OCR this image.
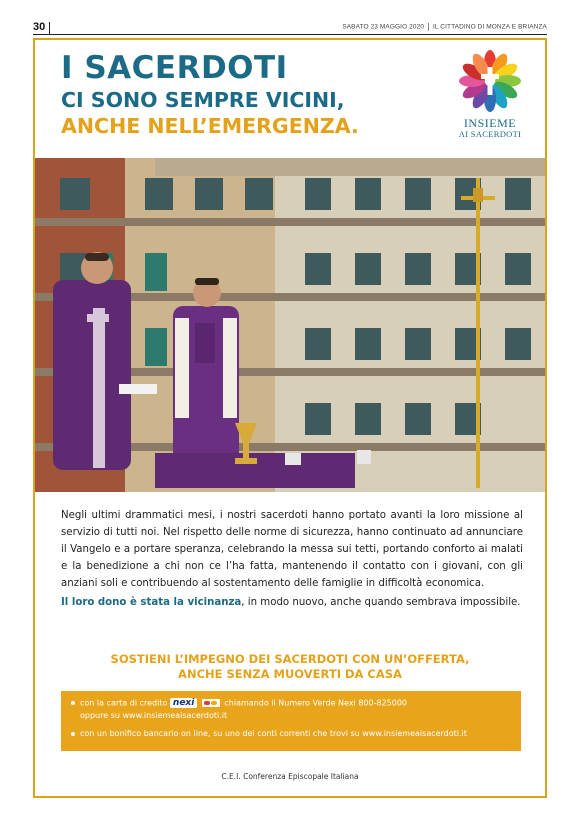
30	SABATO 23 MAGGIO 2020 IL CITTADINO DI MONZA E BRIANZA
I SACERDOTI
CI SONO SEMPRE VICINI,
ANCHE NELL’EMERGENZA.	INSIEME
AI SACERDOTI
Negli ultimi drammatici mesi, i nostri sacerdoti hanno portato avanti la loro missione al servizio di tutti noi. Nel rispetto delle norme di sicurezza, hanno continuato ad annunciare il Vangelo e a portare speranza, celebrando la messa sui tetti, portando conforto ai malati e la benedizione a chi non ce l’ha fatta, mantenendo il contatto con i giovani, con gli anziani soli e contribuendo al sostentamento delle famiglie in difficoltà economica.
Il loro dono è stata la vicinanza, in modo nuovo, anche quando sembrava impossibile.
SOSTIENI L’IMPEGNO DEI SACERDOTI CON UN’OFFERTA,
ANCHE SENZA MUOVERTI DA CASA
con la carta di credito nexi	chiamando il Numero Verde Nexi 800-825000
oppure su www.insiemeaisacerdoti.it
con un bonifico bancario on line, su uno dei conti correnti che trovi su www.insiemeaisacerdoti.it
C.E.I. Conferenza Episcopale Italiana
